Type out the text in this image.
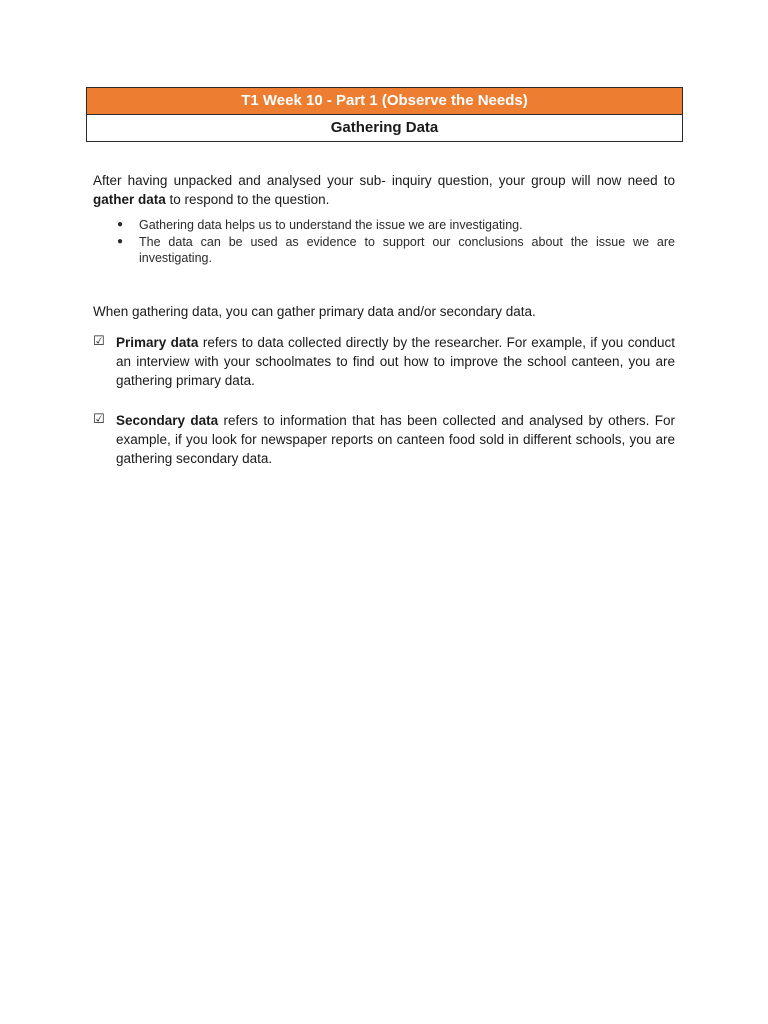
T1 Week 10 - Part 1 (Observe the Needs)
Gathering Data

After having unpacked and analysed your sub- inquiry question, your group will now need to gather data to respond to the question.

● Gathering data helps us to understand the issue we are investigating.
● The data can be used as evidence to support our conclusions about the issue we are investigating.

When gathering data, you can gather primary data and/or secondary data.

☑ Primary data refers to data collected directly by the researcher. For example, if you conduct an interview with your schoolmates to find out how to improve the school canteen, you are gathering primary data.
☑ Secondary data refers to information that has been collected and analysed by others. For example, if you look for newspaper reports on canteen food sold in different schools, you are gathering secondary data.
